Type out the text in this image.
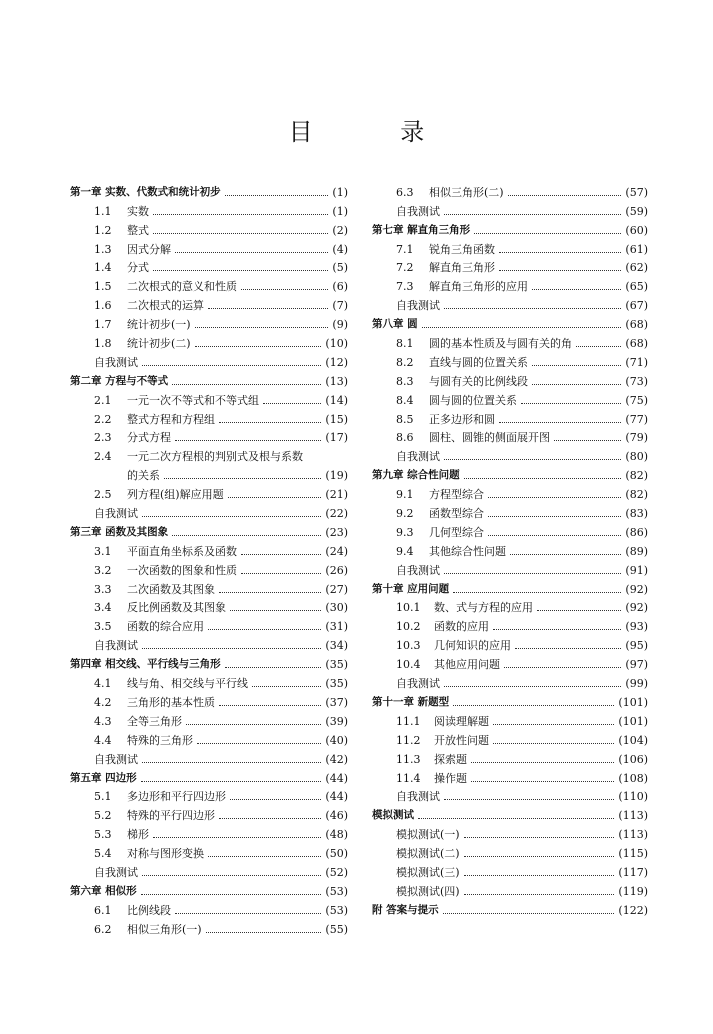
目 录
第一章 实数、代数式和统计初步	(1)
1.1 实数	(1)
1.2 整式	(2)
1.3 因式分解	(4)
1.4 分式	(5)
1.5 二次根式的意义和性质	(6)
1.6 二次根式的运算	(7)
1.7 统计初步(一)	(9)
1.8 统计初步(二)	(10)
自我测试	(12)
第二章 方程与不等式	(13)
2.1 一元一次不等式和不等式组	(14)
2.2 整式方程和方程组	(15)
2.3 分式方程	(17)
2.4 一元二次方程根的判别式及根与系数
的关系	(19)
2.5 列方程(组)解应用题	(21)
自我测试	(22)
第三章 函数及其图象	(23)
3.1 平面直角坐标系及函数	(24)
3.2 一次函数的图象和性质	(26)
3.3 二次函数及其图象	(27)
3.4 反比例函数及其图象	(30)
3.5 函数的综合应用	(31)
自我测试	(34)
第四章 相交线、平行线与三角形	(35)
4.1 线与角、相交线与平行线	(35)
4.2 三角形的基本性质	(37)
4.3 全等三角形	(39)
4.4 特殊的三角形	(40)
自我测试	(42)
第五章 四边形	(44)
5.1 多边形和平行四边形	(44)
5.2 特殊的平行四边形	(46)
5.3 梯形	(48)
5.4 对称与图形变换	(50)
自我测试	(52)
第六章 相似形	(53)
6.1 比例线段	(53)
6.2 相似三角形(一)	(55)
6.3 相似三角形(二)	(57)
自我测试	(59)
第七章 解直角三角形	(60)
7.1 锐角三角函数	(61)
7.2 解直角三角形	(62)
7.3 解直角三角形的应用	(65)
自我测试	(67)
第八章 圆	(68)
8.1 圆的基本性质及与圆有关的角	(68)
8.2 直线与圆的位置关系	(71)
8.3 与圆有关的比例线段	(73)
8.4 圆与圆的位置关系	(75)
8.5 正多边形和圆	(77)
8.6 圆柱、圆锥的侧面展开图	(79)
自我测试	(80)
第九章 综合性问题	(82)
9.1 方程型综合	(82)
9.2 函数型综合	(83)
9.3 几何型综合	(86)
9.4 其他综合性问题	(89)
自我测试	(91)
第十章 应用问题	(92)
10.1 数、式与方程的应用	(92)
10.2 函数的应用	(93)
10.3 几何知识的应用	(95)
10.4 其他应用问题	(97)
自我测试	(99)
第十一章 新题型	(101)
11.1 阅读理解题	(101)
11.2 开放性问题	(104)
11.3 探索题	(106)
11.4 操作题	(108)
自我测试	(110)
模拟测试	(113)
模拟测试(一)	(113)
模拟测试(二)	(115)
模拟测试(三)	(117)
模拟测试(四)	(119)
附 答案与提示	(122)
